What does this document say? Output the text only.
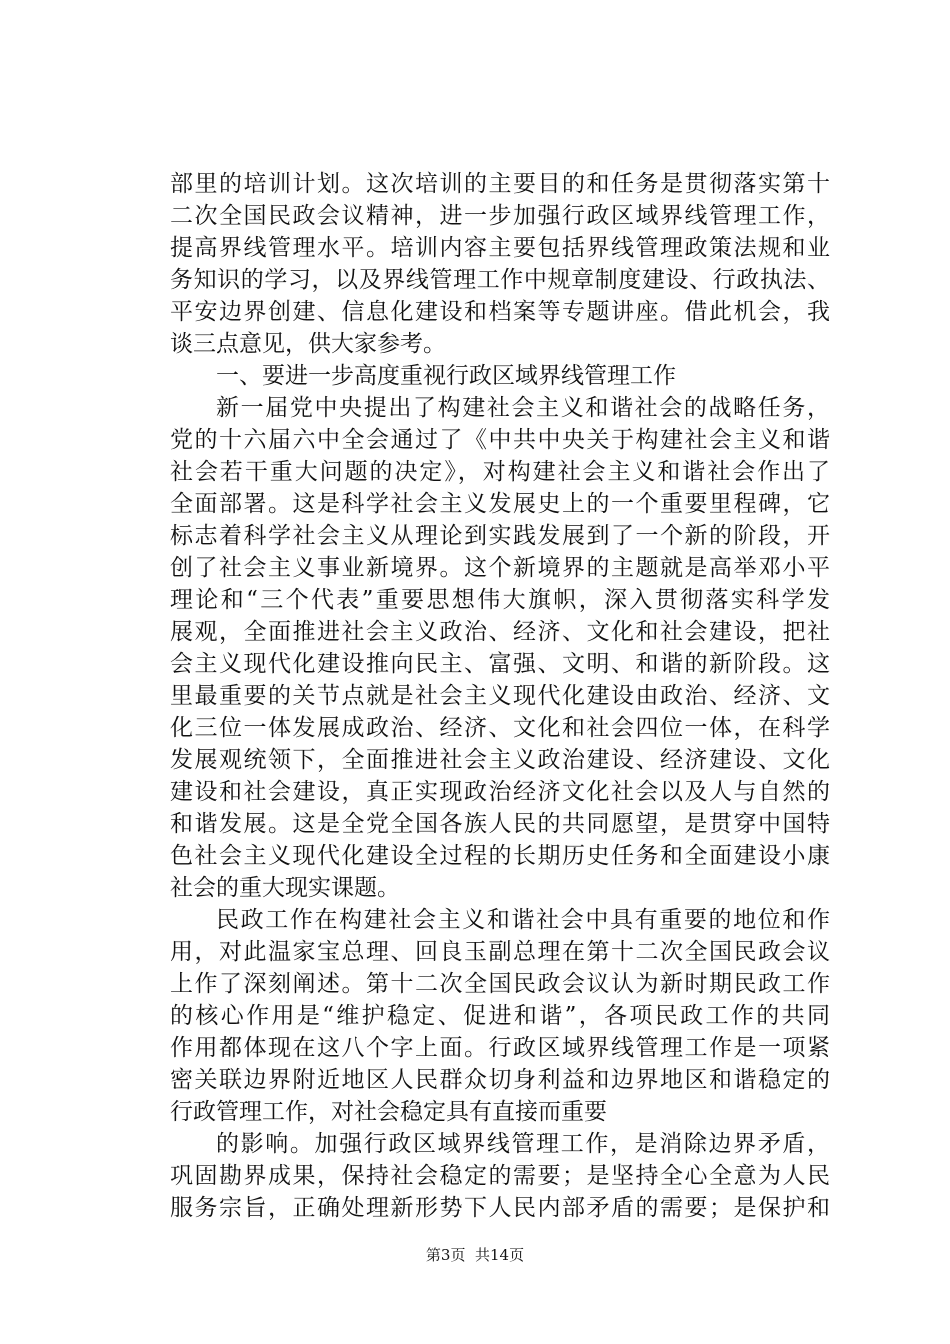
部里的培训计划。这次培训的主要目的和任务是贯彻落实第十
二次全国民政会议精神，进一步加强行政区域界线管理工作，
提高界线管理水平。培训内容主要包括界线管理政策法规和业
务知识的学习，以及界线管理工作中规章制度建设、行政执法、
平安边界创建、信息化建设和档案等专题讲座。借此机会，我
谈三点意见，供大家参考。
一、要进一步高度重视行政区域界线管理工作
新一届党中央提出了构建社会主义和谐社会的战略任务，
党的十六届六中全会通过了《中共中央关于构建社会主义和谐
社会若干重大问题的决定》，对构建社会主义和谐社会作出了
全面部署。这是科学社会主义发展史上的一个重要里程碑，它
标志着科学社会主义从理论到实践发展到了一个新的阶段，开
创了社会主义事业新境界。这个新境界的主题就是高举邓小平
理论和“三个代表”重要思想伟大旗帜，深入贯彻落实科学发
展观，全面推进社会主义政治、经济、文化和社会建设，把社
会主义现代化建设推向民主、富强、文明、和谐的新阶段。这
里最重要的关节点就是社会主义现代化建设由政治、经济、文
化三位一体发展成政治、经济、文化和社会四位一体，在科学
发展观统领下，全面推进社会主义政治建设、经济建设、文化
建设和社会建设，真正实现政治经济文化社会以及人与自然的
和谐发展。这是全党全国各族人民的共同愿望，是贯穿中国特
色社会主义现代化建设全过程的长期历史任务和全面建设小康
社会的重大现实课题。
民政工作在构建社会主义和谐社会中具有重要的地位和作
用，对此温家宝总理、回良玉副总理在第十二次全国民政会议
上作了深刻阐述。第十二次全国民政会议认为新时期民政工作
的核心作用是“维护稳定、促进和谐”，各项民政工作的共同
作用都体现在这八个字上面。行政区域界线管理工作是一项紧
密关联边界附近地区人民群众切身利益和边界地区和谐稳定的
行政管理工作，对社会稳定具有直接而重要
的影响。加强行政区域界线管理工作，是消除边界矛盾，
巩固勘界成果，保持社会稳定的需要；是坚持全心全意为人民
服务宗旨，正确处理新形势下人民内部矛盾的需要；是保护和
第3页  共14页
